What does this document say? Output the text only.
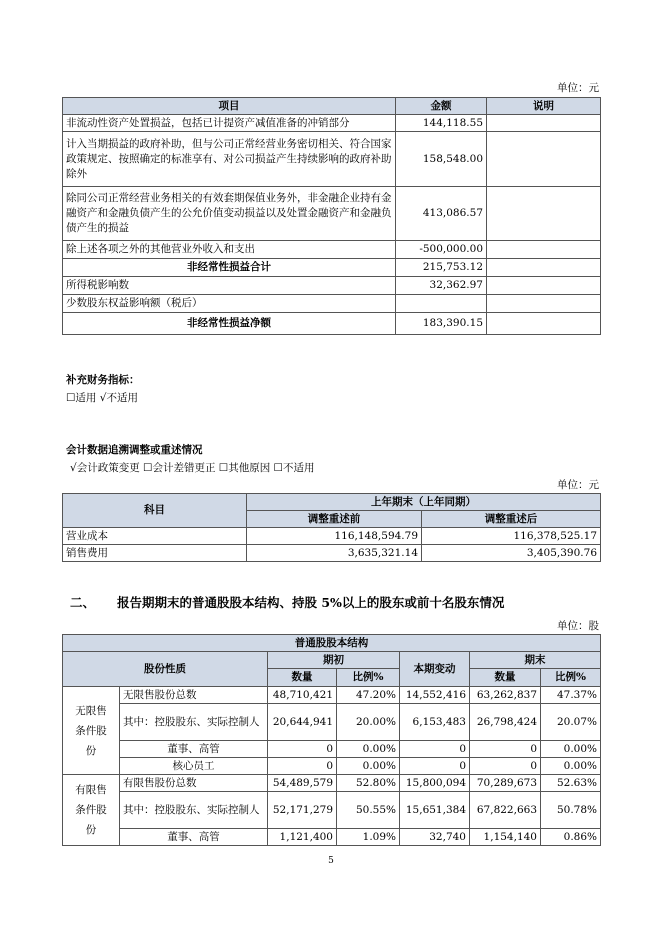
单位：元
项目	金额	说明
非流动性资产处置损益，包括已计提资产减值准备的冲销部分	144,118.55	
计入当期损益的政府补助，但与公司正常经营业务密切相关、符合国家政策规定、按照确定的标准享有、对公司损益产生持续影响的政府补助除外	158,548.00	
除同公司正常经营业务相关的有效套期保值业务外，非金融企业持有金融资产和金融负债产生的公允价值变动损益以及处置金融资产和金融负债产生的损益	413,086.57	
除上述各项之外的其他营业外收入和支出	-500,000.00	
非经常性损益合计	215,753.12	
所得税影响数	32,362.97	
少数股东权益影响额（税后）		
非经常性损益净额	183,390.15	
补充财务指标：
☐适用 √不适用
会计数据追溯调整或重述情况
√会计政策变更 ☐会计差错更正 ☐其他原因 ☐不适用
单位：元
科目	上年期末（上年同期）	
	调整重述前	调整重述后
营业成本	116,148,594.79	116,378,525.17
销售费用	3,635,321.14	3,405,390.76
二、 报告期期末的普通股股本结构、持股 5%以上的股东或前十名股东情况
单位：股
普通股股本结构						
股份性质		期初		本期变动	期末	
		数量	比例%		数量	比例%
无限售条件股份	无限售股份总数	48,710,421	47.20%	14,552,416	63,262,837	47.37%
	其中：控股股东、实际控制人	20,644,941	20.00%	6,153,483	26,798,424	20.07%
	董事、高管	0	0.00%	0	0	0.00%
	核心员工	0	0.00%	0	0	0.00%
有限售条件股份	有限售股份总数	54,489,579	52.80%	15,800,094	70,289,673	52.63%
	其中：控股股东、实际控制人	52,171,279	50.55%	15,651,384	67,822,663	50.78%
	董事、高管	1,121,400	1.09%	32,740	1,154,140	0.86%
5
